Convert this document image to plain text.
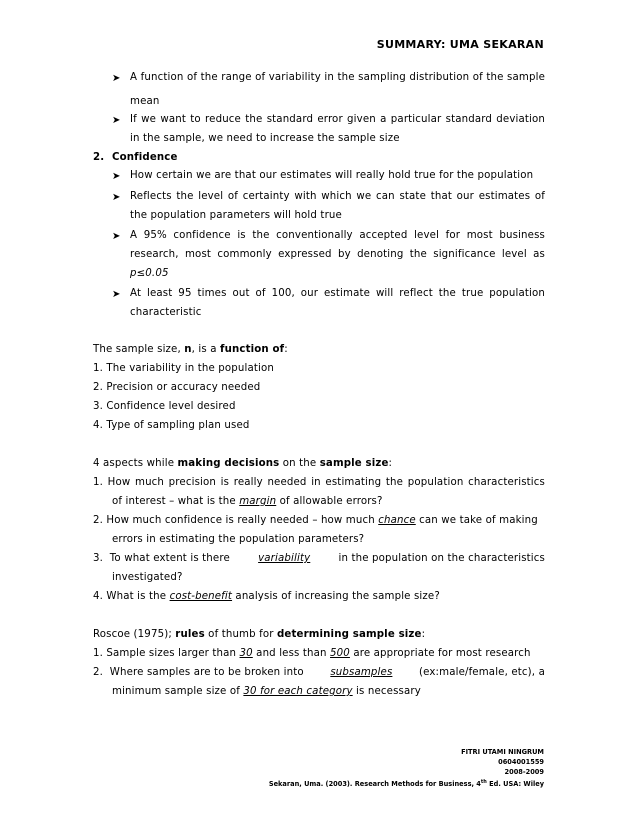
SUMMARY: UMA SEKARAN
➤ A function of the range of variability in the sampling distribution of the sample
mean
➤ If we want to reduce the standard error given a particular standard deviation
in the sample, we need to increase the sample size
2. Confidence
➤ How certain we are that our estimates will really hold true for the population
➤ Reflects the level of certainty with which we can state that our estimates of
the population parameters will hold true
➤ A 95% confidence is the conventionally accepted level for most business
research, most commonly expressed by denoting the significance level as
p≤0.05
➤ At least 95 times out of 100, our estimate will reflect the true population
characteristic
The sample size, n, is a function of:
1. The variability in the population
2. Precision or accuracy needed
3. Confidence level desired
4. Type of sampling plan used
4 aspects while making decisions on the sample size:
1. How much precision is really needed in estimating the population characteristics
of interest – what is the margin of allowable errors?
2. How much confidence is really needed – how much chance can we take of making
errors in estimating the population parameters?
3.  To what extent is there variability in the population on the characteristics
investigated?
4. What is the cost-benefit analysis of increasing the sample size?
Roscoe (1975); rules of thumb for determining sample size:
1. Sample sizes larger than 30 and less than 500 are appropriate for most research
2.  Where samples are to be broken into subsamples (ex:male/female, etc), a
minimum sample size of 30 for each category is necessary
FITRI UTAMI NINGRUM
0604001559
2008-2009
Sekaran, Uma. (2003). Research Methods for Business, 4th Ed. USA: Wiley
